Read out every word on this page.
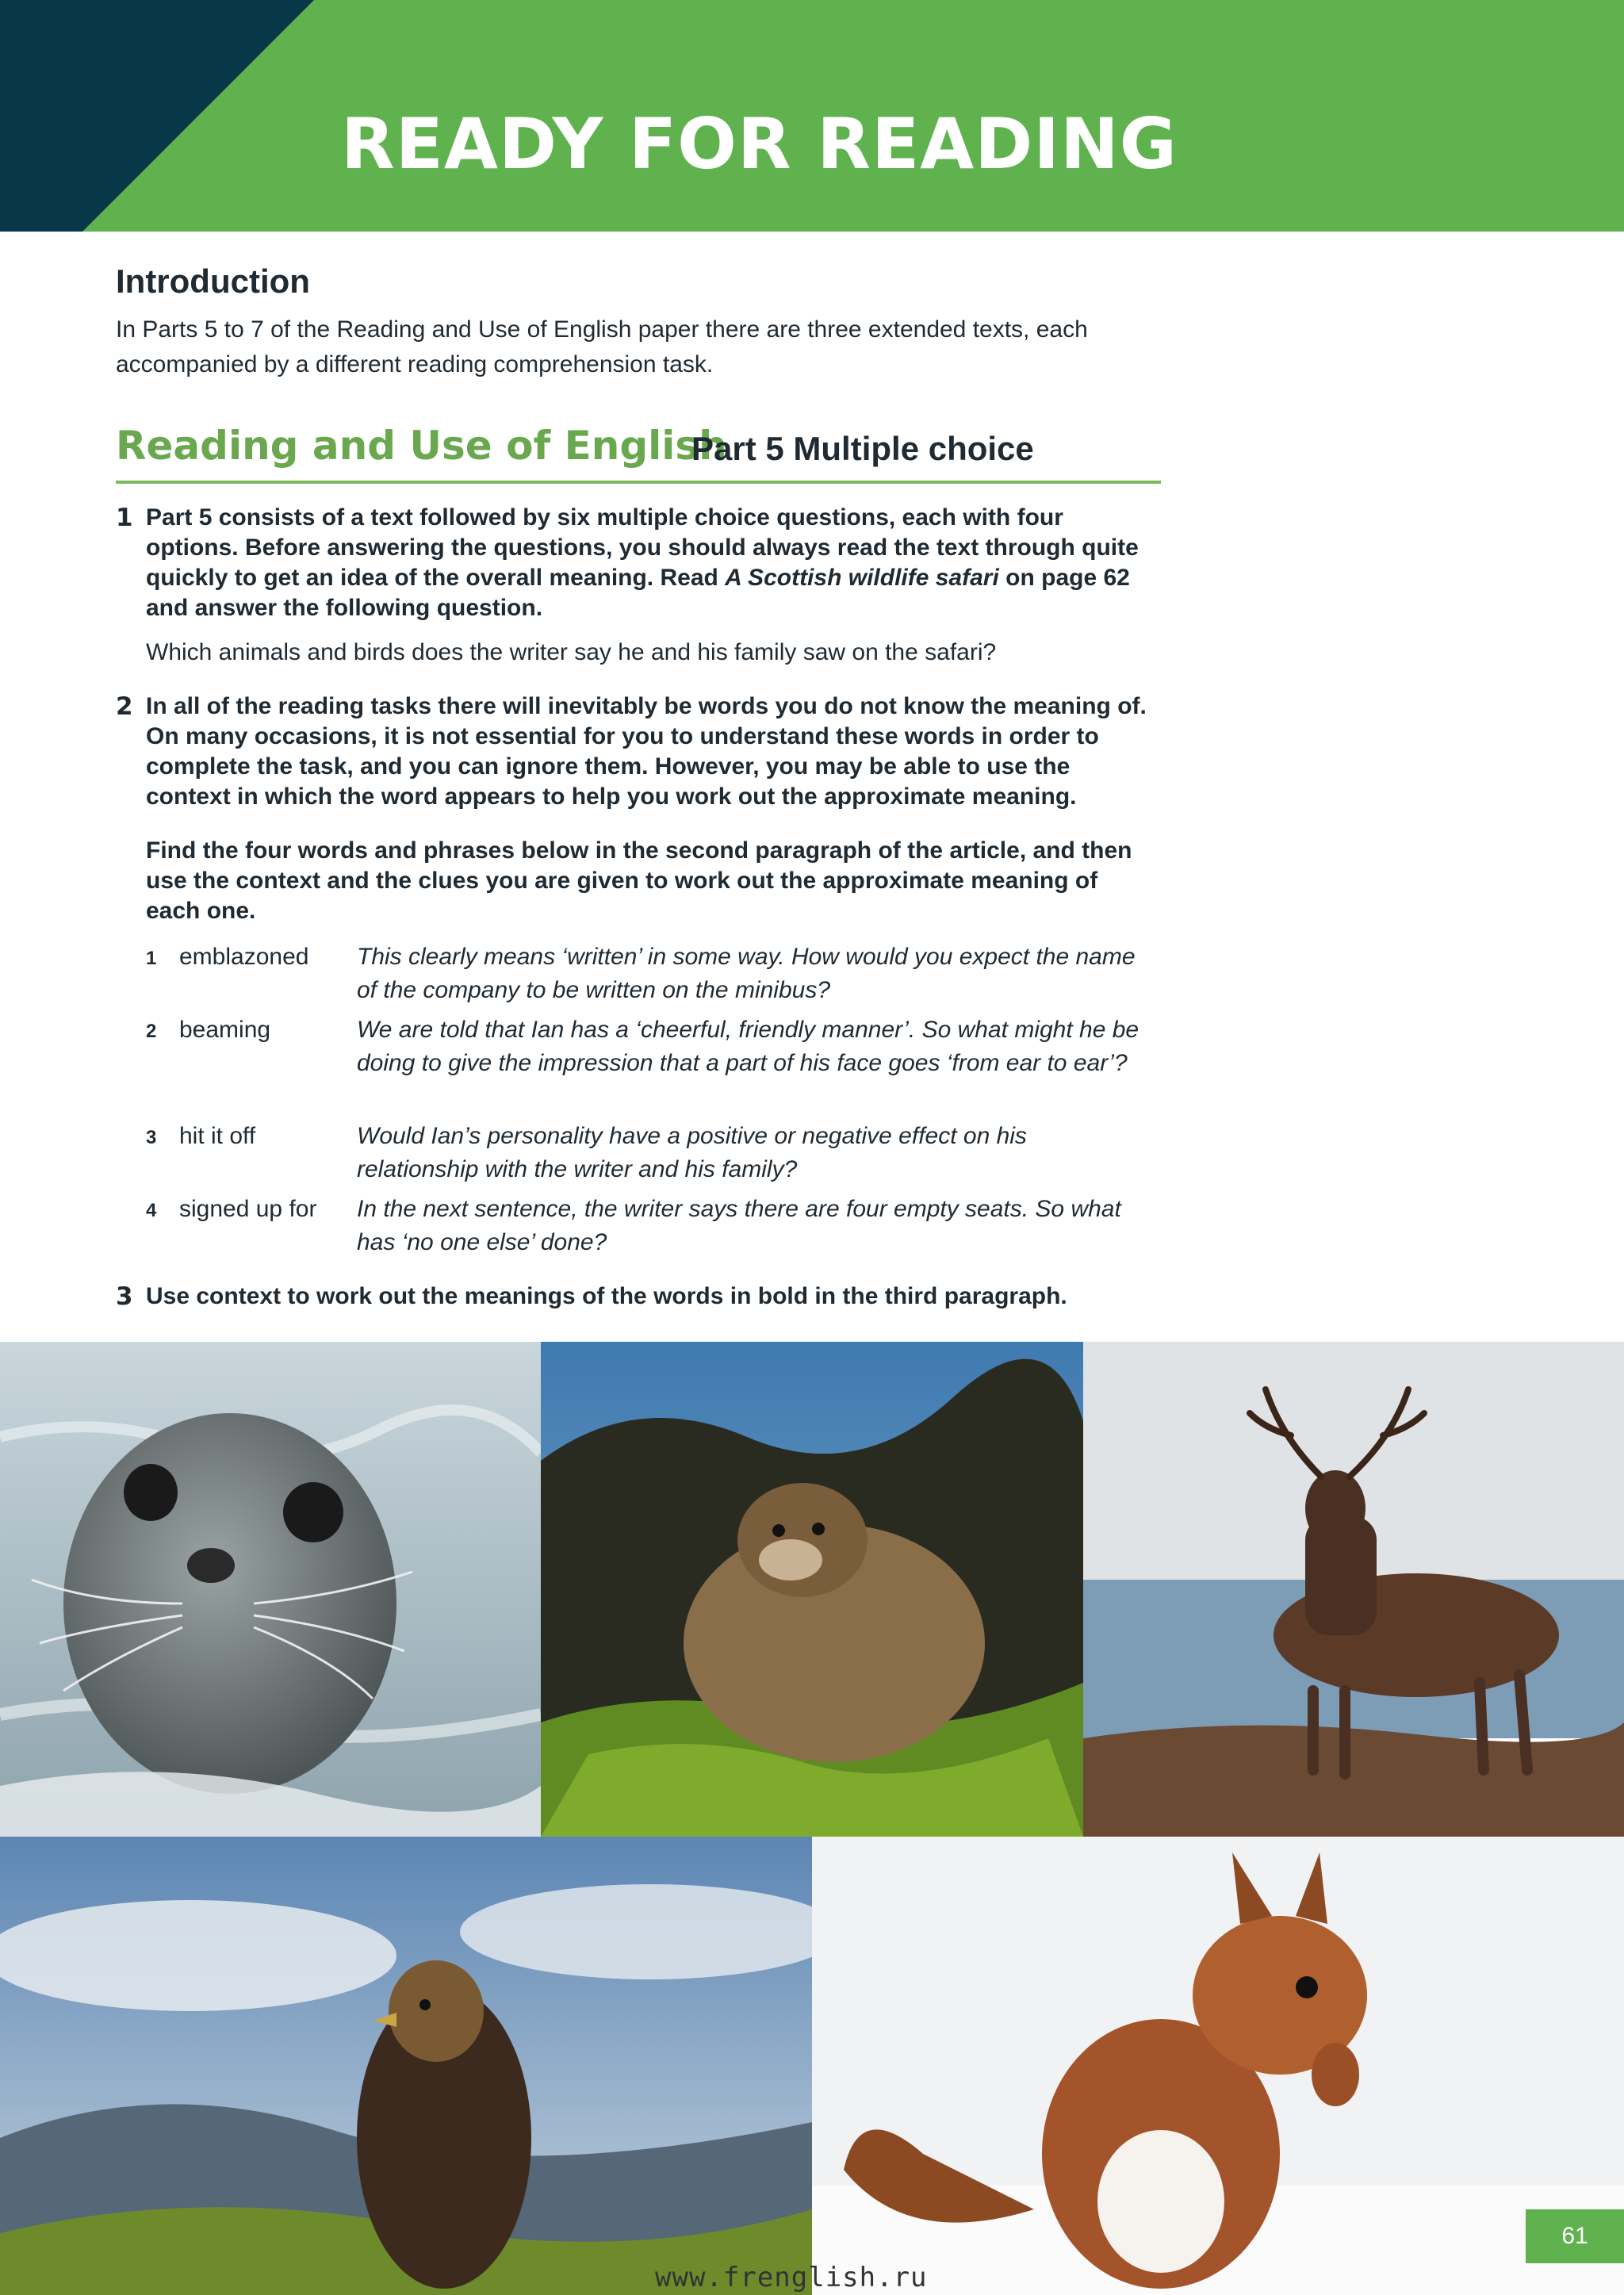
READY FOR READING
Introduction

In Parts 5 to 7 of the Reading and Use of English paper there are three extended texts, each accompanied by a different reading comprehension task.

Reading and Use of English
Part 5 Multiple choice
1 Part 5 consists of a text followed by six multiple choice questions, each with four options. Before answering the questions, you should always read the text through quite quickly to get an idea of the overall meaning. Read A Scottish wildlife safari on page 62 and answer the following question.

Which animals and birds does the writer say he and his family saw on the safari?

2 In all of the reading tasks there will inevitably be words you do not know the meaning of. On many occasions, it is not essential for you to understand these words in order to complete the task, and you can ignore them. However, you may be able to use the context in which the word appears to help you work out the approximate meaning.

Find the four words and phrases below in the second paragraph of the article, and then use the context and the clues you are given to work out the approximate meaning of each one.

1 emblazoned This clearly means ‘written’ in some way. How would you expect the name of the company to be written on the minibus?

2 beaming	We are told that Ian has a ‘cheerful, friendly manner’. So what might he be doing to give the impression that a part of his face goes ‘from ear to ear’?

3 hit it off	Would Ian’s personality have a positive or negative effect on his relationship with the writer and his family?

4 signed up for In the next sentence, the writer says there are four empty seats. So what has ‘no one else’ done?

3 Use context to work out the meanings of the words in bold in the third paragraph.

61
www.frenglish.ru
